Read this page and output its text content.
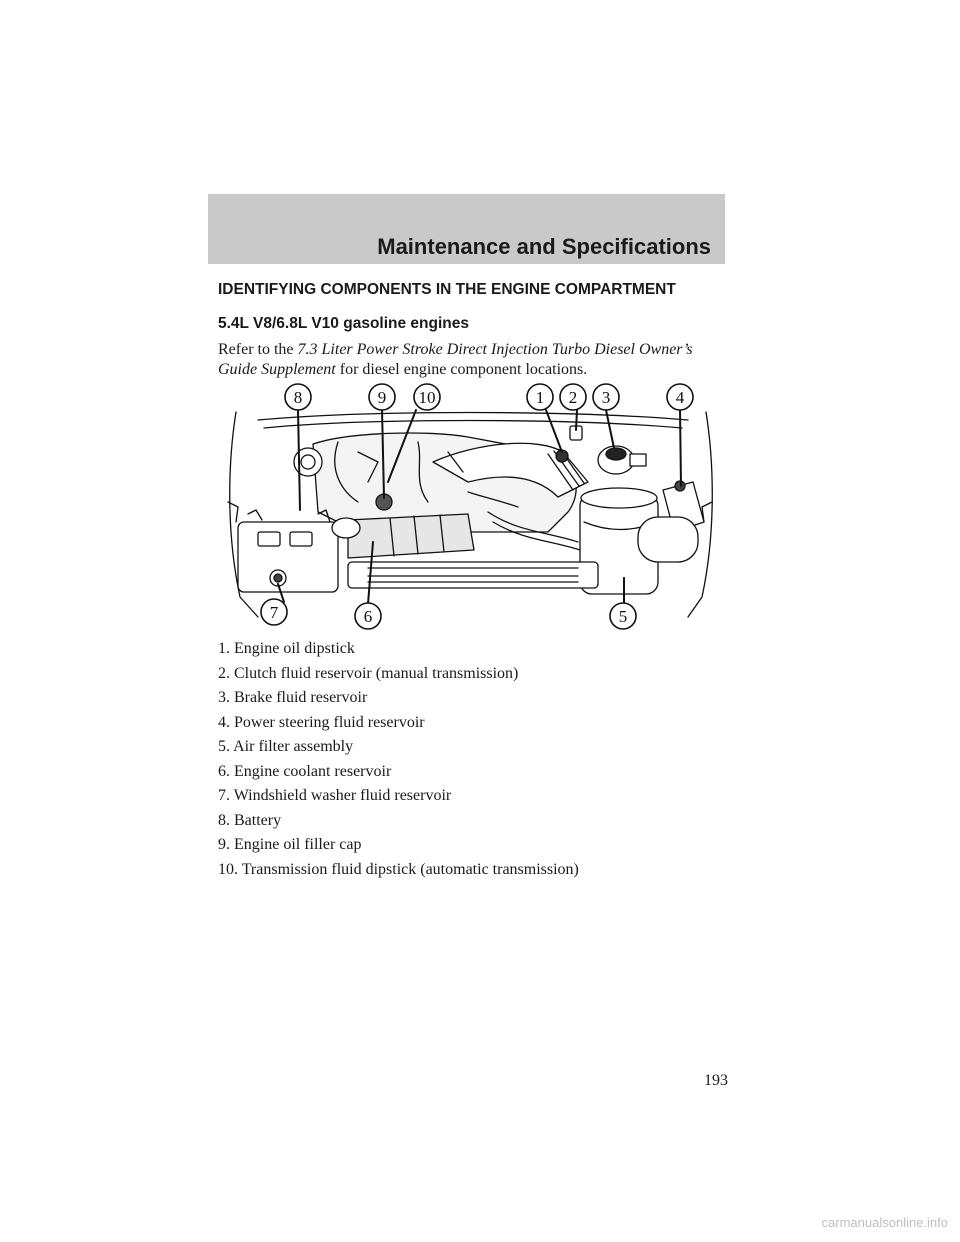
Maintenance and Specifications
IDENTIFYING COMPONENTS IN THE ENGINE COMPARTMENT
5.4L V8/6.8L V10 gasoline engines
Refer to the 7.3 Liter Power Stroke Direct Injection Turbo Diesel Owner’s Guide Supplement for diesel engine component locations.
1 2 3	4
5
6
7
8	9 10
1. Engine oil dipstick
2. Clutch fluid reservoir (manual transmission)
3. Brake fluid reservoir
4. Power steering fluid reservoir
5. Air filter assembly
6. Engine coolant reservoir
7. Windshield washer fluid reservoir
8. Battery
9. Engine oil filler cap
10. Transmission fluid dipstick (automatic transmission)
193
carmanualsonline.info
